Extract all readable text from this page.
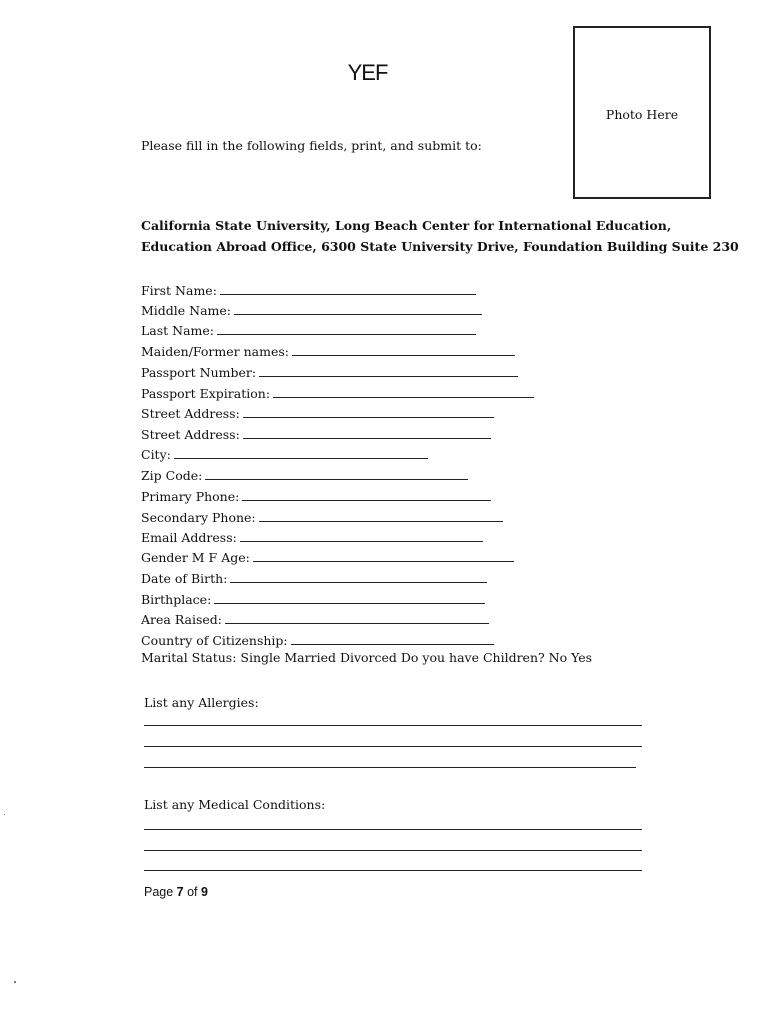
YEF
Photo Here
Please fill in the following fields, print, and submit to:
California State University, Long Beach Center for International Education,
Education Abroad Office, 6300 State University Drive, Foundation Building Suite 230
First Name:
Middle Name:
Last Name:
Maiden/Former names:
Passport Number:
Passport Expiration:
Street Address:
Street Address:
City:
Zip Code:
Primary Phone:
Secondary Phone:
Email Address:
Gender M F Age:
Date of Birth:
Birthplace:
Area Raised:
Country of Citizenship:
Marital Status: Single Married Divorced Do you have Children? No Yes
List any Allergies:
List any Medical Conditions:
Page 7 of 9
